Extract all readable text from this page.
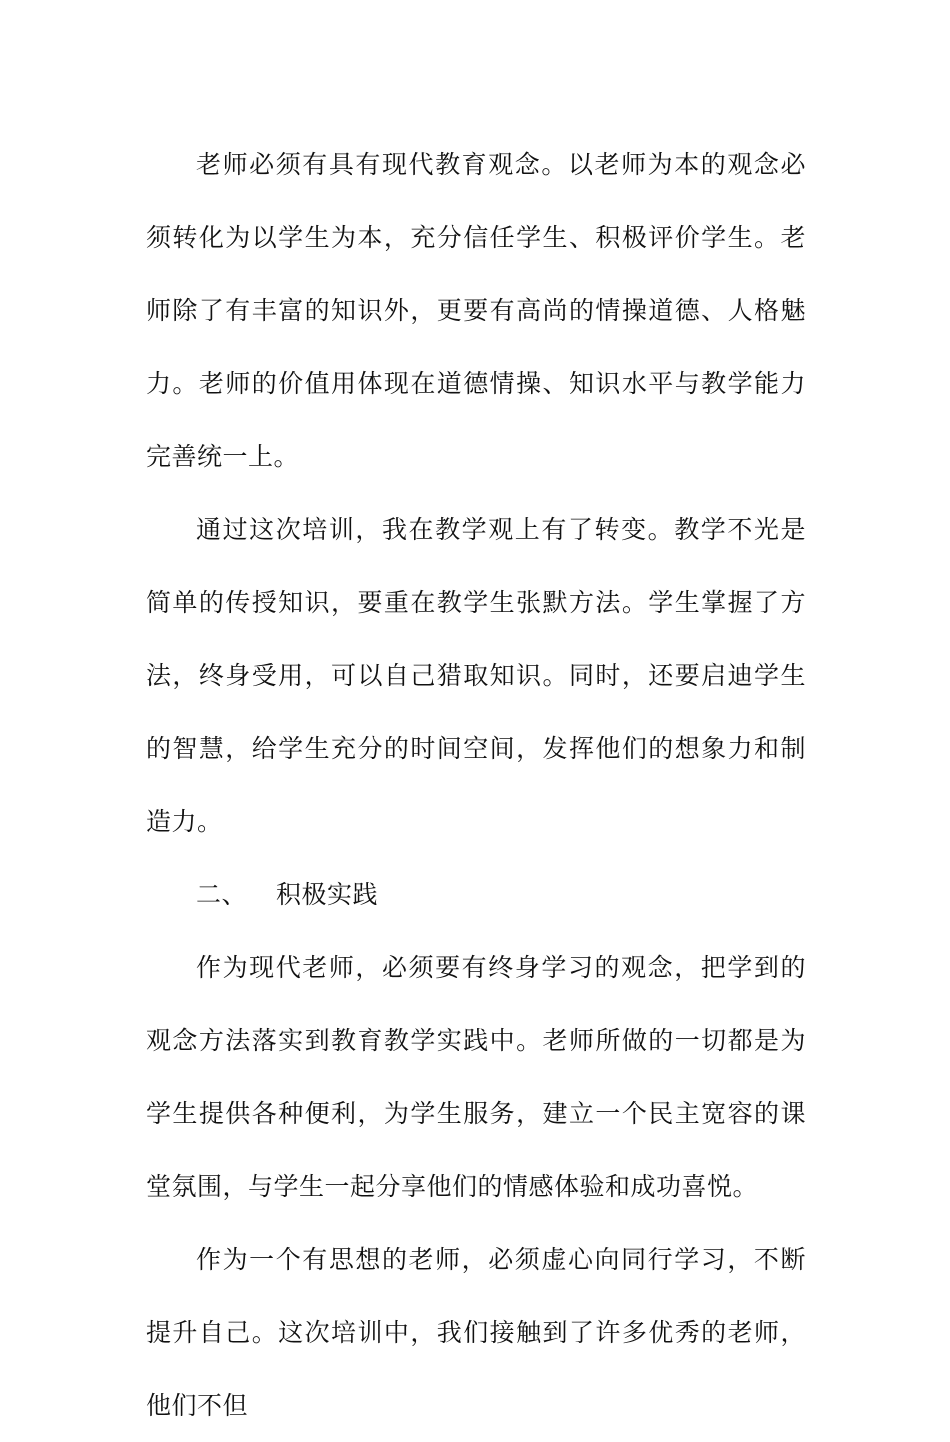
老师必须有具有现代教育观念。以老师为本的观念必须转化为以学生为本，充分信任学生、积极评价学生。老师除了有丰富的知识外，更要有高尚的情操道德、人格魅力。老师的价值用体现在道德情操、知识水平与教学能力完善统一上。

通过这次培训，我在教学观上有了转变。教学不光是简单的传授知识，要重在教学生张默方法。学生掌握了方法，终身受用，可以自己猎取知识。同时，还要启迪学生的智慧，给学生充分的时间空间，发挥他们的想象力和制造力。

二、 积极实践

作为现代老师，必须要有终身学习的观念，把学到的观念方法落实到教育教学实践中。老师所做的一切都是为学生提供各种便利，为学生服务，建立一个民主宽容的课堂氛围，与学生一起分享他们的情感体验和成功喜悦。

作为一个有思想的老师，必须虚心向同行学习，不断提升自己。这次培训中，我们接触到了许多优秀的老师，他们不但
